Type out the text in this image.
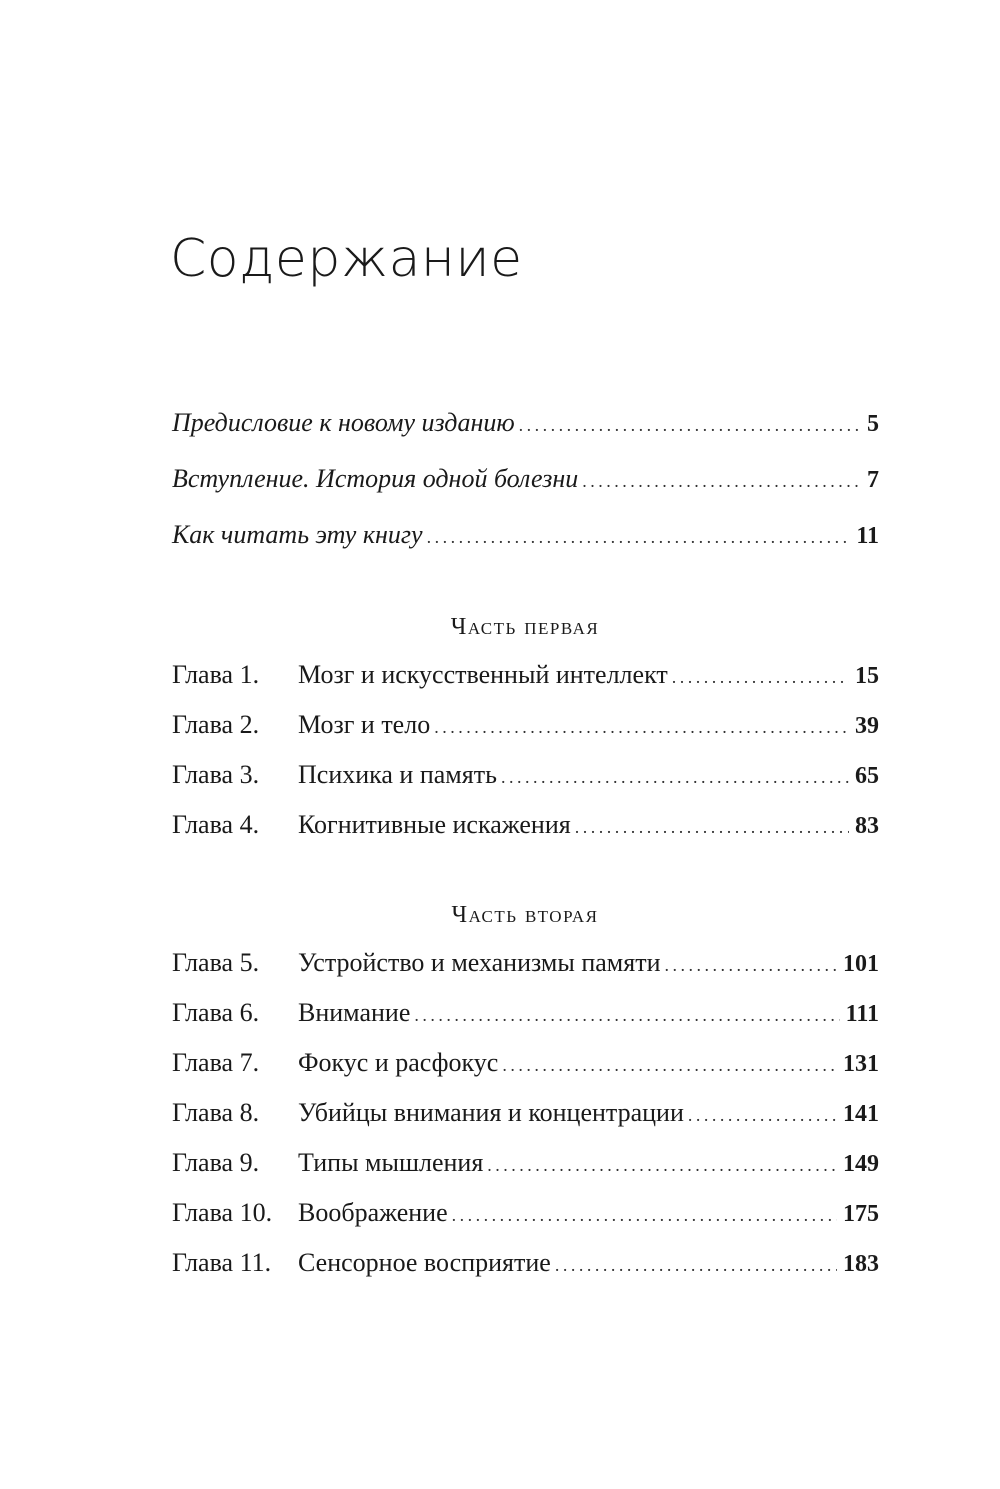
Содержание
Предисловие к новому изданию . . .	5
Вступление. История одной болезни . . .	7
Как читать эту книгу . . .	11
Часть первая
Глава 1.	Мозг и искусственный интеллект . . .	15
Глава 2.	Мозг и тело . . .	39
Глава 3.	Психика и память . . .	65
Глава 4.	Когнитивные искажения . . .	83
Часть вторая
Глава 5.	Устройство и механизмы памяти . . .	101
Глава 6.	Внимание . . .	111
Глава 7.	Фокус и расфокус . . .	131
Глава 8.	Убийцы внимания и концентрации . . .	141
Глава 9.	Типы мышления . . .	149
Глава 10. Воображение . . .	175
Глава 11.	Сенсорное восприятие . . .	183
